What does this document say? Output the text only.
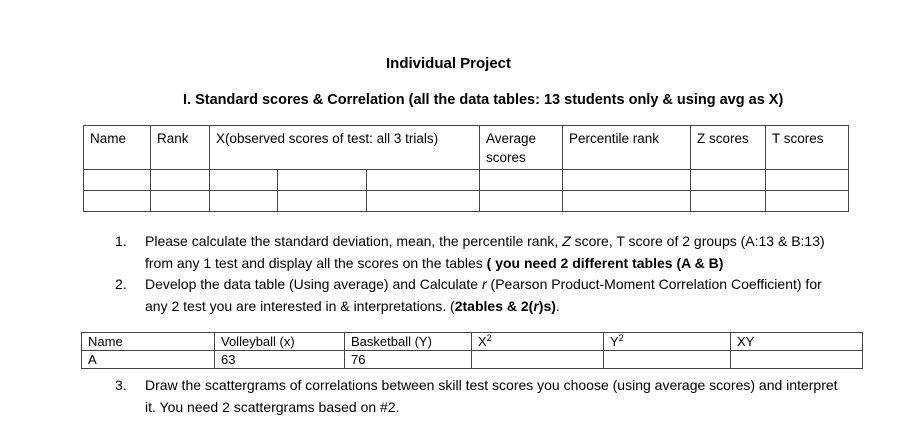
Individual Project
I. Standard scores & Correlation (all the data tables: 13 students only & using avg as X)
Name	Rank	X(observed scores of test: all 3 trials)			Average scores	Percentile rank	Z scores	T scores

1. Please calculate the standard deviation, mean, the percentile rank, Z score, T score of 2 groups (A:13 & B:13) from any 1 test and display all the scores on the tables ( you need 2 different tables (A & B)
2. Develop the data table (Using average) and Calculate r (Pearson Product-Moment Correlation Coefficient) for any 2 test you are interested in & interpretations. (2tables & 2(r)s).
Name	Volleyball (x)	Basketball (Y)	$X^2$	$Y^2$	XY
A	63	76			
3. Draw the scattergrams of correlations between skill test scores you choose (using average scores) and interpret it. You need 2 scattergrams based on #2.
